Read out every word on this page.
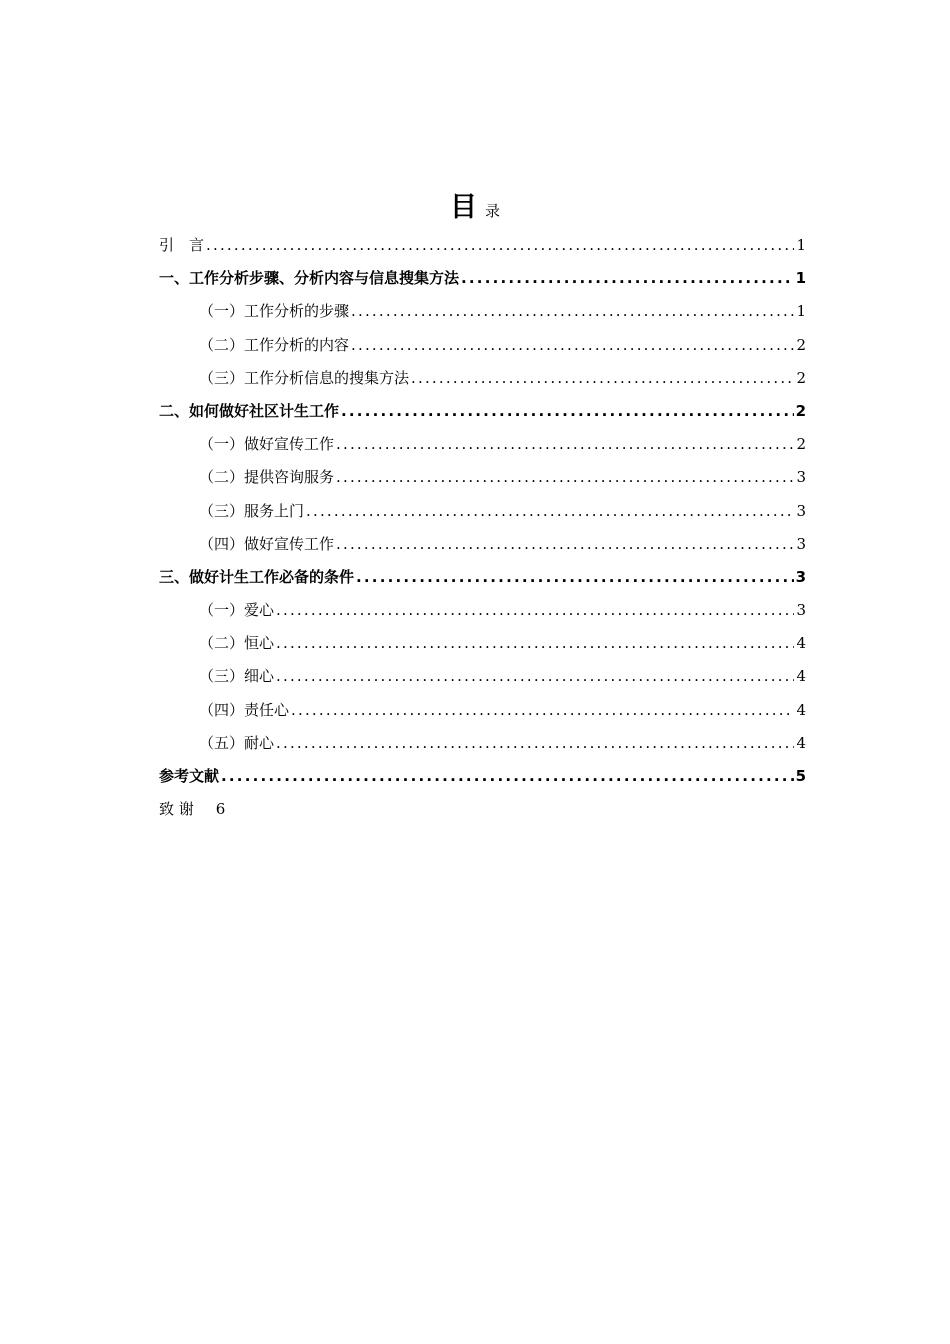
目录
引　言 .....	1
一、工作分析步骤、分析内容与信息搜集方法 .....	1
（一）工作分析的步骤 .....	1
（二）工作分析的内容 .....	2
（三）工作分析信息的搜集方法 .....	2
二、如何做好社区计生工作 .....	2
（一）做好宣传工作 .....	2
（二）提供咨询服务 .....	3
（三）服务上门 .....	3
（四）做好宣传工作 .....	3
三、做好计生工作必备的条件 .....	3
（一）爱心 .....	3
（二）恒心 .....	4
（三）细心 .....	4
（四）责任心 .....	4
（五）耐心 .....	4
参考文献 .....	5
致 谢 6
